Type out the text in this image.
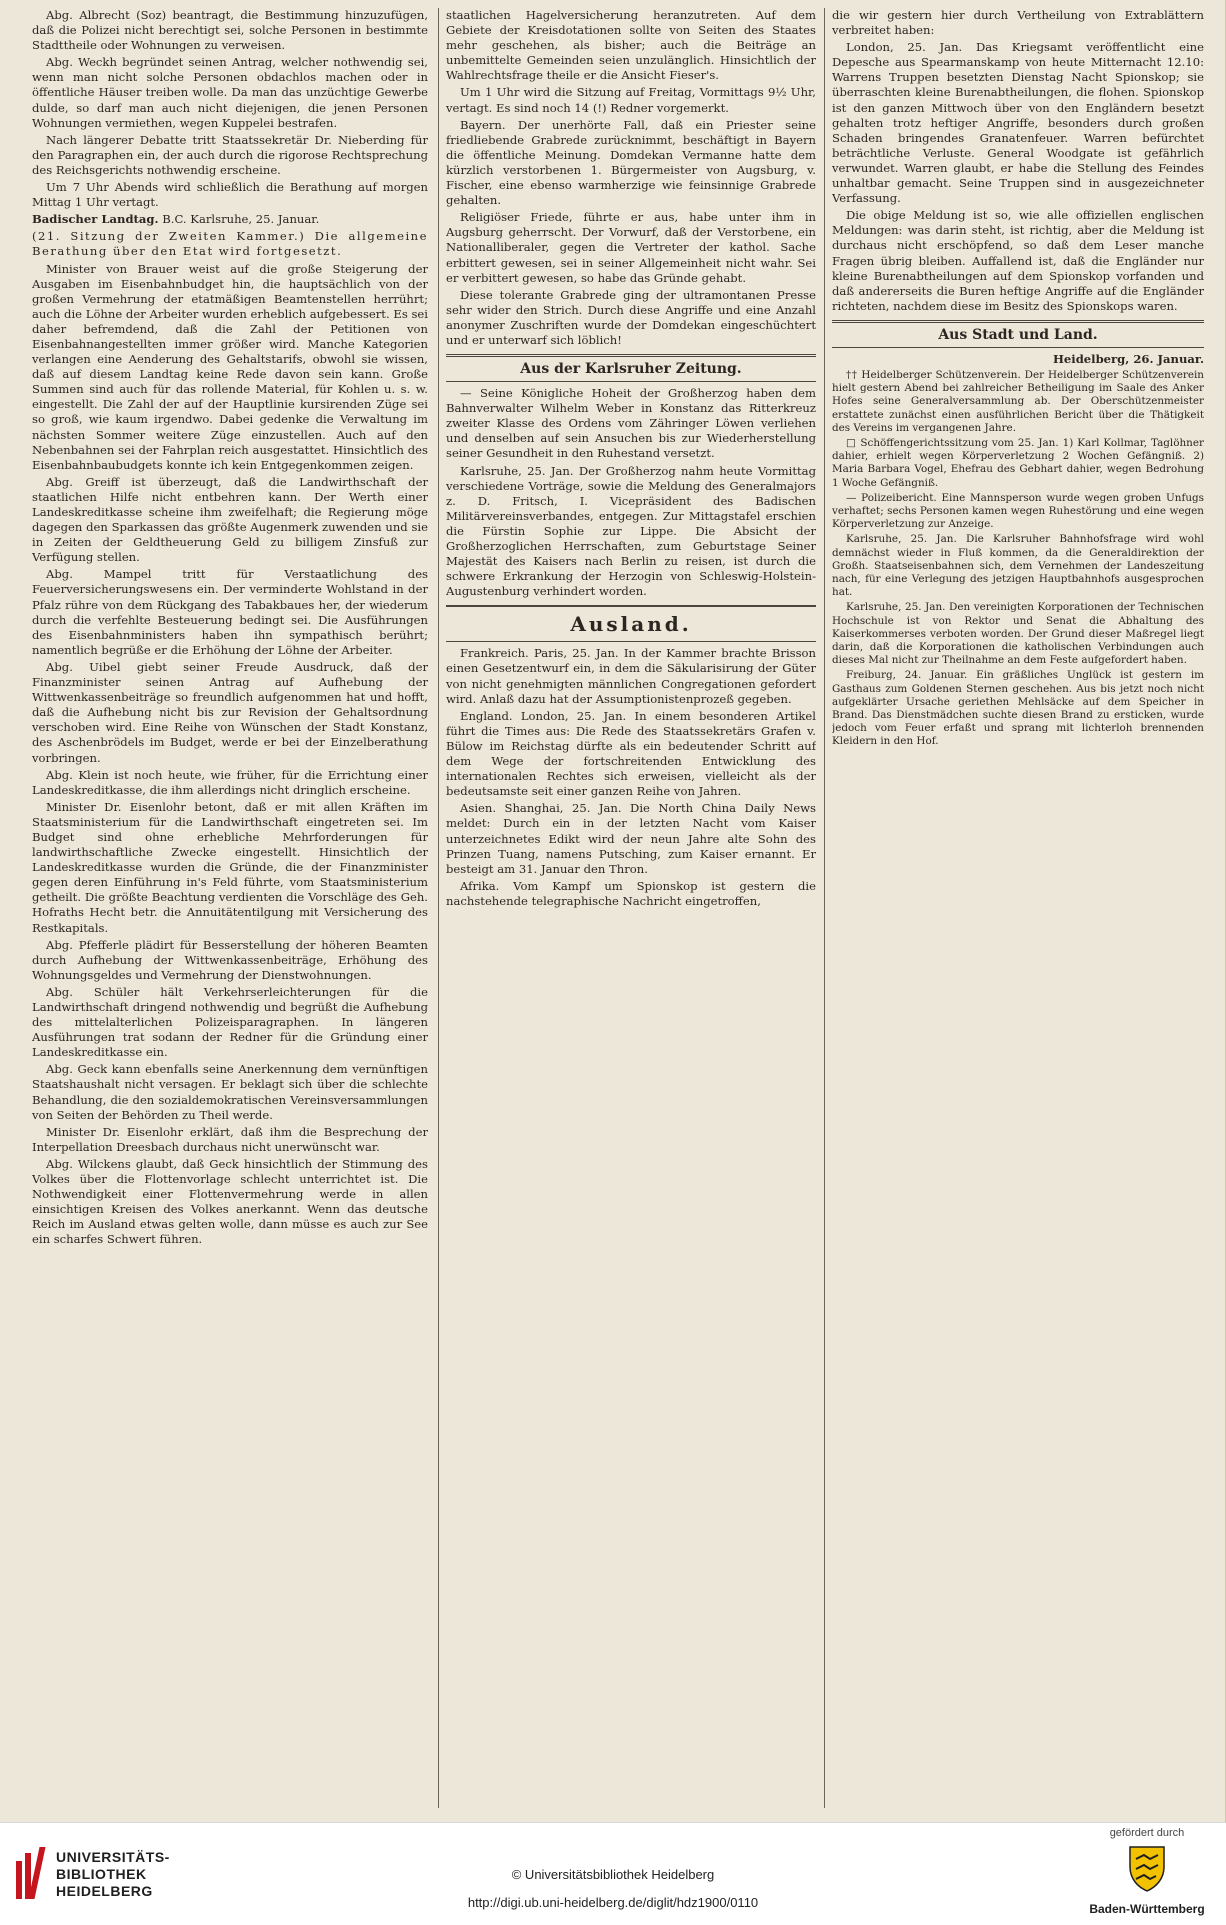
Abg. Albrecht (Soz) beantragt, die Bestimmung hinzuzufügen, daß die Polizei nicht berechtigt sei, solche Personen in bestimmte Stadttheile oder Wohnungen zu verweisen.

Abg. Weckh begründet seinen Antrag, welcher nothwendig sei, wenn man nicht solche Personen obdachlos machen oder in öffentliche Häuser treiben wolle. Da man das unzüchtige Gewerbe dulde, so darf man auch nicht diejenigen, die jenen Personen Wohnungen vermiethen, wegen Kuppelei bestrafen.

Nach längerer Debatte tritt Staatssekretär Dr. Nieberding für den Paragraphen ein, der auch durch die rigorose Rechtsprechung des Reichsgerichts nothwendig erscheine.

Um 7 Uhr Abends wird schließlich die Berathung auf morgen Mittag 1 Uhr vertagt.

Badischer Landtag. B.C. Karlsruhe, 25. Januar.

(21. Sitzung der Zweiten Kammer.) Die allgemeine Berathung über den Etat wird fortgesetzt.

Minister von Brauer weist auf die große Steigerung der Ausgaben im Eisenbahnbudget hin, die hauptsächlich von der großen Vermehrung der etatmäßigen Beamtenstellen herrührt; auch die Löhne der Arbeiter wurden erheblich aufgebessert. Es sei daher befremdend, daß die Zahl der Petitionen von Eisenbahnangestellten immer größer wird. Manche Kategorien verlangen eine Aenderung des Gehaltstarifs, obwohl sie wissen, daß auf diesem Landtag keine Rede davon sein kann. Große Summen sind auch für das rollende Material, für Kohlen u. s. w. eingestellt. Die Zahl der auf der Hauptlinie kursirenden Züge sei so groß, wie kaum irgendwo. Dabei gedenke die Verwaltung im nächsten Sommer weitere Züge einzustellen. Auch auf den Nebenbahnen sei der Fahrplan reich ausgestattet. Hinsichtlich des Eisenbahnbaubudgets konnte ich kein Entgegenkommen zeigen.

Abg. Greiff ist überzeugt, daß die Landwirthschaft der staatlichen Hilfe nicht entbehren kann. Der Werth einer Landeskreditkasse scheine ihm zweifelhaft; die Regierung möge dagegen den Sparkassen das größte Augenmerk zuwenden und sie in Zeiten der Geldtheuerung Geld zu billigem Zinsfuß zur Verfügung stellen.

Abg. Mampel tritt für Verstaatlichung des Feuerversicherungswesens ein. Der verminderte Wohlstand in der Pfalz rühre von dem Rückgang des Tabakbaues her, der wiederum durch die verfehlte Besteuerung bedingt sei. Die Ausführungen des Eisenbahnministers haben ihn sympathisch berührt; namentlich begrüße er die Erhöhung der Löhne der Arbeiter.

Abg. Uibel giebt seiner Freude Ausdruck, daß der Finanzminister seinen Antrag auf Aufhebung der Wittwenkassenbeiträge so freundlich aufgenommen hat und hofft, daß die Aufhebung nicht bis zur Revision der Gehaltsordnung verschoben wird. Eine Reihe von Wünschen der Stadt Konstanz, des Aschenbrödels im Budget, werde er bei der Einzelberathung vorbringen.

Abg. Klein ist noch heute, wie früher, für die Errichtung einer Landeskreditkasse, die ihm allerdings nicht dringlich erscheine.

Minister Dr. Eisenlohr betont, daß er mit allen Kräften im Staatsministerium für die Landwirthschaft eingetreten sei. Im Budget sind ohne erhebliche Mehrforderungen für landwirthschaftliche Zwecke eingestellt. Hinsichtlich der Landeskreditkasse wurden die Gründe, die der Finanzminister gegen deren Einführung in's Feld führte, vom Staatsministerium getheilt. Die größte Beachtung verdienten die Vorschläge des Geh. Hofraths Hecht betr. die Annuitätentilgung mit Versicherung des Restkapitals.

Abg. Pfefferle plädirt für Besserstellung der höheren Beamten durch Aufhebung der Wittwenkassenbeiträge, Erhöhung des Wohnungsgeldes und Vermehrung der Dienstwohnungen.

Abg. Schüler hält Verkehrserleichterungen für die Landwirthschaft dringend nothwendig und begrüßt die Aufhebung des mittelalterlichen Polizeisparagraphen. In längeren Ausführungen trat sodann der Redner für die Gründung einer Landeskreditkasse ein.

Abg. Geck kann ebenfalls seine Anerkennung dem vernünftigen Staatshaushalt nicht versagen. Er beklagt sich über die schlechte Behandlung, die den sozialdemokratischen Vereinsversammlungen von Seiten der Behörden zu Theil werde.

Minister Dr. Eisenlohr erklärt, daß ihm die Besprechung der Interpellation Dreesbach durchaus nicht unerwünscht war.

Abg. Wilckens glaubt, daß Geck hinsichtlich der Stimmung des Volkes über die Flottenvorlage schlecht unterrichtet ist. Die Nothwendigkeit einer Flottenvermehrung werde in allen einsichtigen Kreisen des Volkes anerkannt. Wenn das deutsche Reich im Ausland etwas gelten wolle, dann müsse es auch zur See ein scharfes Schwert führen.

staatlichen Hagelversicherung heranzutreten. Auf dem Gebiete der Kreisdotationen sollte von Seiten des Staates mehr geschehen, als bisher; auch die Beiträge an unbemittelte Gemeinden seien unzulänglich. Hinsichtlich der Wahlrechtsfrage theile er die Ansicht Fieser's.

Um 1 Uhr wird die Sitzung auf Freitag, Vormittags 9½ Uhr, vertagt. Es sind noch 14 (!) Redner vorgemerkt.

Bayern. Der unerhörte Fall, daß ein Priester seine friedliebende Grabrede zurücknimmt, beschäftigt in Bayern die öffentliche Meinung. Domdekan Vermanne hatte dem kürzlich verstorbenen 1. Bürgermeister von Augsburg, v. Fischer, eine ebenso warmherzige wie feinsinnige Grabrede gehalten.

Religiöser Friede, führte er aus, habe unter ihm in Augsburg geherrscht. Der Vorwurf, daß der Verstorbene, ein Nationalliberaler, gegen die Vertreter der kathol. Sache erbittert gewesen, sei in seiner Allgemeinheit nicht wahr. Sei er verbittert gewesen, so habe das Gründe gehabt.

Diese tolerante Grabrede ging der ultramontanen Presse sehr wider den Strich. Durch diese Angriffe und eine Anzahl anonymer Zuschriften wurde der Domdekan eingeschüchtert und er unterwarf sich löblich!

Aus der Karlsruher Zeitung.

— Seine Königliche Hoheit der Großherzog haben dem Bahnverwalter Wilhelm Weber in Konstanz das Ritterkreuz zweiter Klasse des Ordens vom Zähringer Löwen verliehen und denselben auf sein Ansuchen bis zur Wiederherstellung seiner Gesundheit in den Ruhestand versetzt.

Karlsruhe, 25. Jan. Der Großherzog nahm heute Vormittag verschiedene Vorträge, sowie die Meldung des Generalmajors z. D. Fritsch, I. Vicepräsident des Badischen Militärvereinsverbandes, entgegen. Zur Mittagstafel erschien die Fürstin Sophie zur Lippe. Die Absicht der Großherzoglichen Herrschaften, zum Geburtstage Seiner Majestät des Kaisers nach Berlin zu reisen, ist durch die schwere Erkrankung der Herzogin von Schleswig-Holstein-Augustenburg verhindert worden.

Ausland.

Frankreich. Paris, 25. Jan. In der Kammer brachte Brisson einen Gesetzentwurf ein, in dem die Säkularisirung der Güter von nicht genehmigten männlichen Congregationen gefordert wird. Anlaß dazu hat der Assumptionistenprozeß gegeben.

England. London, 25. Jan. In einem besonderen Artikel führt die Times aus: Die Rede des Staatssekretärs Grafen v. Bülow im Reichstag dürfte als ein bedeutender Schritt auf dem Wege der fortschreitenden Entwicklung des internationalen Rechtes sich erweisen, vielleicht als der bedeutsamste seit einer ganzen Reihe von Jahren.

Asien. Shanghai, 25. Jan. Die North China Daily News meldet: Durch ein in der letzten Nacht vom Kaiser unterzeichnetes Edikt wird der neun Jahre alte Sohn des Prinzen Tuang, namens Putsching, zum Kaiser ernannt. Er besteigt am 31. Januar den Thron.

Afrika. Vom Kampf um Spionskop ist gestern die nachstehende telegraphische Nachricht eingetroffen,

die wir gestern hier durch Vertheilung von Extrablättern verbreitet haben:

London, 25. Jan. Das Kriegsamt veröffentlicht eine Depesche aus Spearmanskamp von heute Mitternacht 12.10: Warrens Truppen besetzten Dienstag Nacht Spionskop; sie überraschten kleine Burenabtheilungen, die flohen. Spionskop ist den ganzen Mittwoch über von den Engländern besetzt gehalten trotz heftiger Angriffe, besonders durch großen Schaden bringendes Granatenfeuer. Warren befürchtet beträchtliche Verluste. General Woodgate ist gefährlich verwundet. Warren glaubt, er habe die Stellung des Feindes unhaltbar gemacht. Seine Truppen sind in ausgezeichneter Verfassung.

Die obige Meldung ist so, wie alle offiziellen englischen Meldungen: was darin steht, ist richtig, aber die Meldung ist durchaus nicht erschöpfend, so daß dem Leser manche Fragen übrig bleiben. Auffallend ist, daß die Engländer nur kleine Burenabtheilungen auf dem Spionskop vorfanden und daß andererseits die Buren heftige Angriffe auf die Engländer richteten, nachdem diese im Besitz des Spionskops waren.

Aus Stadt und Land.

Heidelberg, 26. Januar.

†† Heidelberger Schützenverein. Der Heidelberger Schützenverein hielt gestern Abend bei zahlreicher Betheiligung im Saale des Anker Hofes seine Generalversammlung ab. Der Oberschützenmeister erstattete zunächst einen ausführlichen Bericht über die Thätigkeit des Vereins im vergangenen Jahre.

□ Schöffengerichtssitzung vom 25. Jan. 1) Karl Kollmar, Taglöhner dahier, erhielt wegen Körperverletzung 2 Wochen Gefängniß. 2) Maria Barbara Vogel, Ehefrau des Gebhart dahier, wegen Bedrohung 1 Woche Gefängniß.

— Polizeibericht. Eine Mannsperson wurde wegen groben Unfugs verhaftet; sechs Personen kamen wegen Ruhestörung und eine wegen Körperverletzung zur Anzeige.

Karlsruhe, 25. Jan. Die Karlsruher Bahnhofsfrage wird wohl demnächst wieder in Fluß kommen, da die Generaldirektion der Großh. Staatseisenbahnen sich, dem Vernehmen der Landeszeitung nach, für eine Verlegung des jetzigen Hauptbahnhofs ausgesprochen hat.

Karlsruhe, 25. Jan. Den vereinigten Korporationen der Technischen Hochschule ist von Rektor und Senat die Abhaltung des Kaiserkommerses verboten worden. Der Grund dieser Maßregel liegt darin, daß die Korporationen die katholischen Verbindungen auch dieses Mal nicht zur Theilnahme an dem Feste aufgefordert haben.

Freiburg, 24. Januar. Ein gräßliches Unglück ist gestern im Gasthaus zum Goldenen Sternen geschehen. Aus bis jetzt noch nicht aufgeklärter Ursache geriethen Mehlsäcke auf dem Speicher in Brand. Das Dienstmädchen suchte diesen Brand zu ersticken, wurde jedoch vom Feuer erfaßt und sprang mit lichterloh brennenden Kleidern in den Hof.

UNIVERSITÄTS-
BIBLIOTHEK
HEIDELBERG
© Universitätsbibliothek Heidelberg
http://digi.ub.uni-heidelberg.de/diglit/hdz1900/0110
gefördert durch
Baden-Württemberg
